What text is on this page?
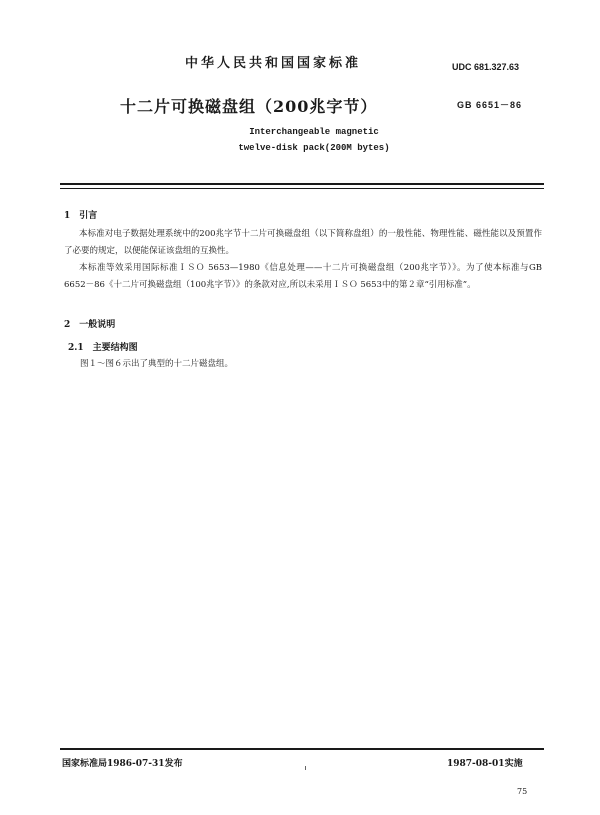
中华人民共和国国家标准	UDC 681.327.63
十二片可换磁盘组（200兆字节）	GB 6651－86
Interchangeable magnetic
twelve-disk pack(200M bytes)
1　引言
本标准对电子数据处理系统中的200兆字节十二片可换磁盘组（以下简称盘组）的一般性能、物理性能、磁性能以及预置作了必要的规定，以便能保证该盘组的互换性。
本标准等效采用国际标准ＩＳＯ 5653—1980《信息处理——十二片可换磁盘组（200兆字节）》。为了使本标准与GB 6652－86《十二片可换磁盘组（100兆字节）》的条款对应,所以未采用ＩＳＯ 5653中的第２章“引用标准”。
2　一般说明
2.1　主要结构图
图１～图６示出了典型的十二片磁盘组。
国家标准局1986-07-31发布	1987-08-01实施
75
